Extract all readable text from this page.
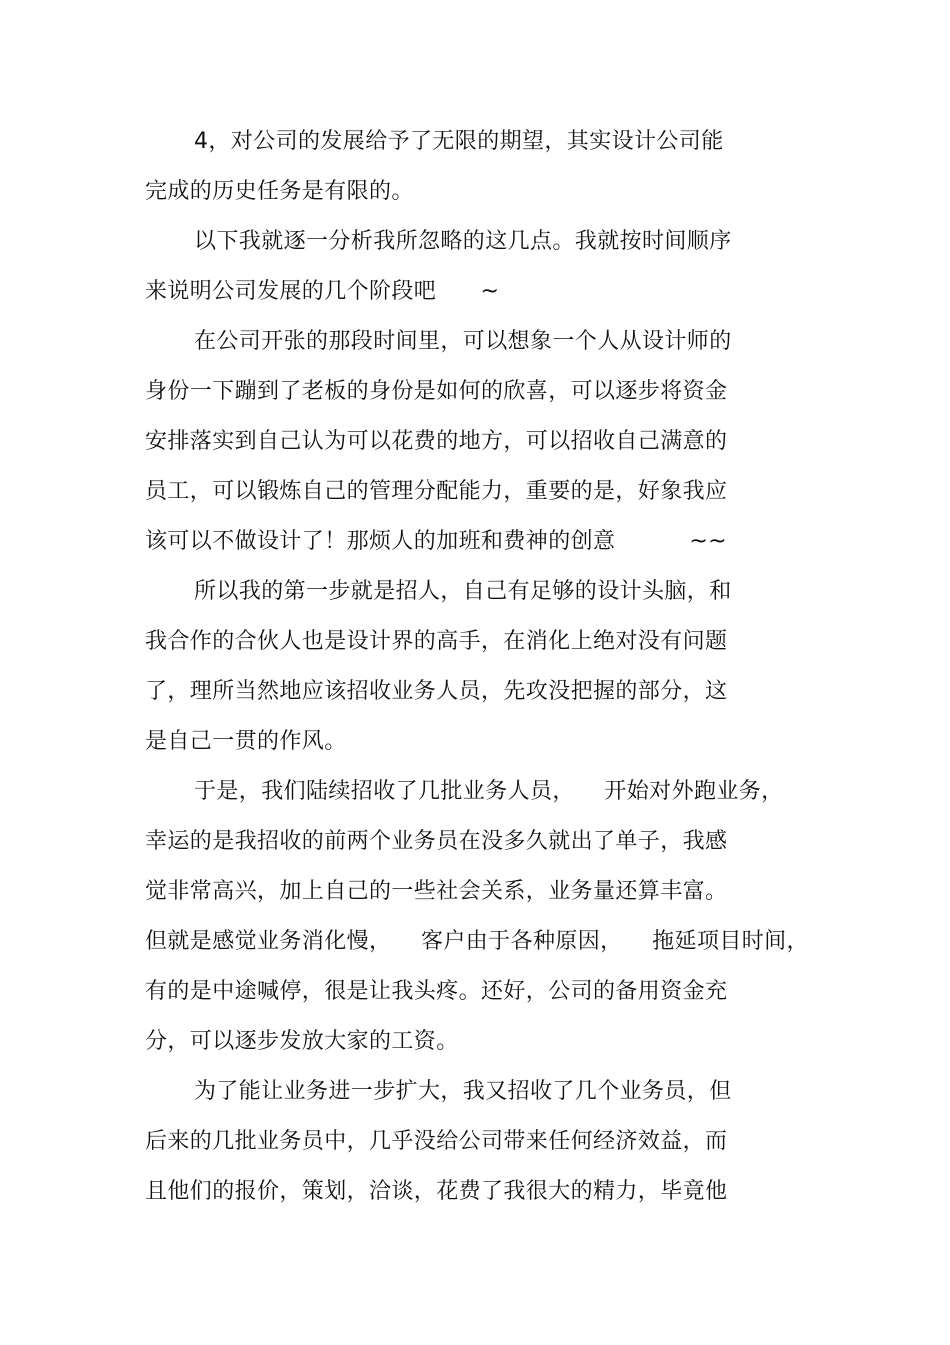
4，对公司的发展给予了无限的期望，其实设计公司能
完成的历史任务是有限的。
以下我就逐一分析我所忽略的这几点。我就按时间顺序
来说明公司发展的几个阶段吧      ~
在公司开张的那段时间里，可以想象一个人从设计师的
身份一下蹦到了老板的身份是如何的欣喜，可以逐步将资金
安排落实到自己认为可以花费的地方，可以招收自己满意的
员工，可以锻炼自己的管理分配能力，重要的是，好象我应
该可以不做设计了！那烦人的加班和费神的创意          ~~
所以我的第一步就是招人，自己有足够的设计头脑，和
我合作的合伙人也是设计界的高手，在消化上绝对没有问题
了，理所当然地应该招收业务人员，先攻没把握的部分，这
是自己一贯的作风。
于是，我们陆续招收了几批业务人员，    开始对外跑业务，
幸运的是我招收的前两个业务员在没多久就出了单子，我感
觉非常高兴，加上自己的一些社会关系，业务量还算丰富。
但就是感觉业务消化慢，    客户由于各种原因，    拖延项目时间，
有的是中途喊停，很是让我头疼。还好，公司的备用资金充
分，可以逐步发放大家的工资。
为了能让业务进一步扩大，我又招收了几个业务员，但
后来的几批业务员中，几乎没给公司带来任何经济效益，而
且他们的报价，策划，洽谈，花费了我很大的精力，毕竟他
